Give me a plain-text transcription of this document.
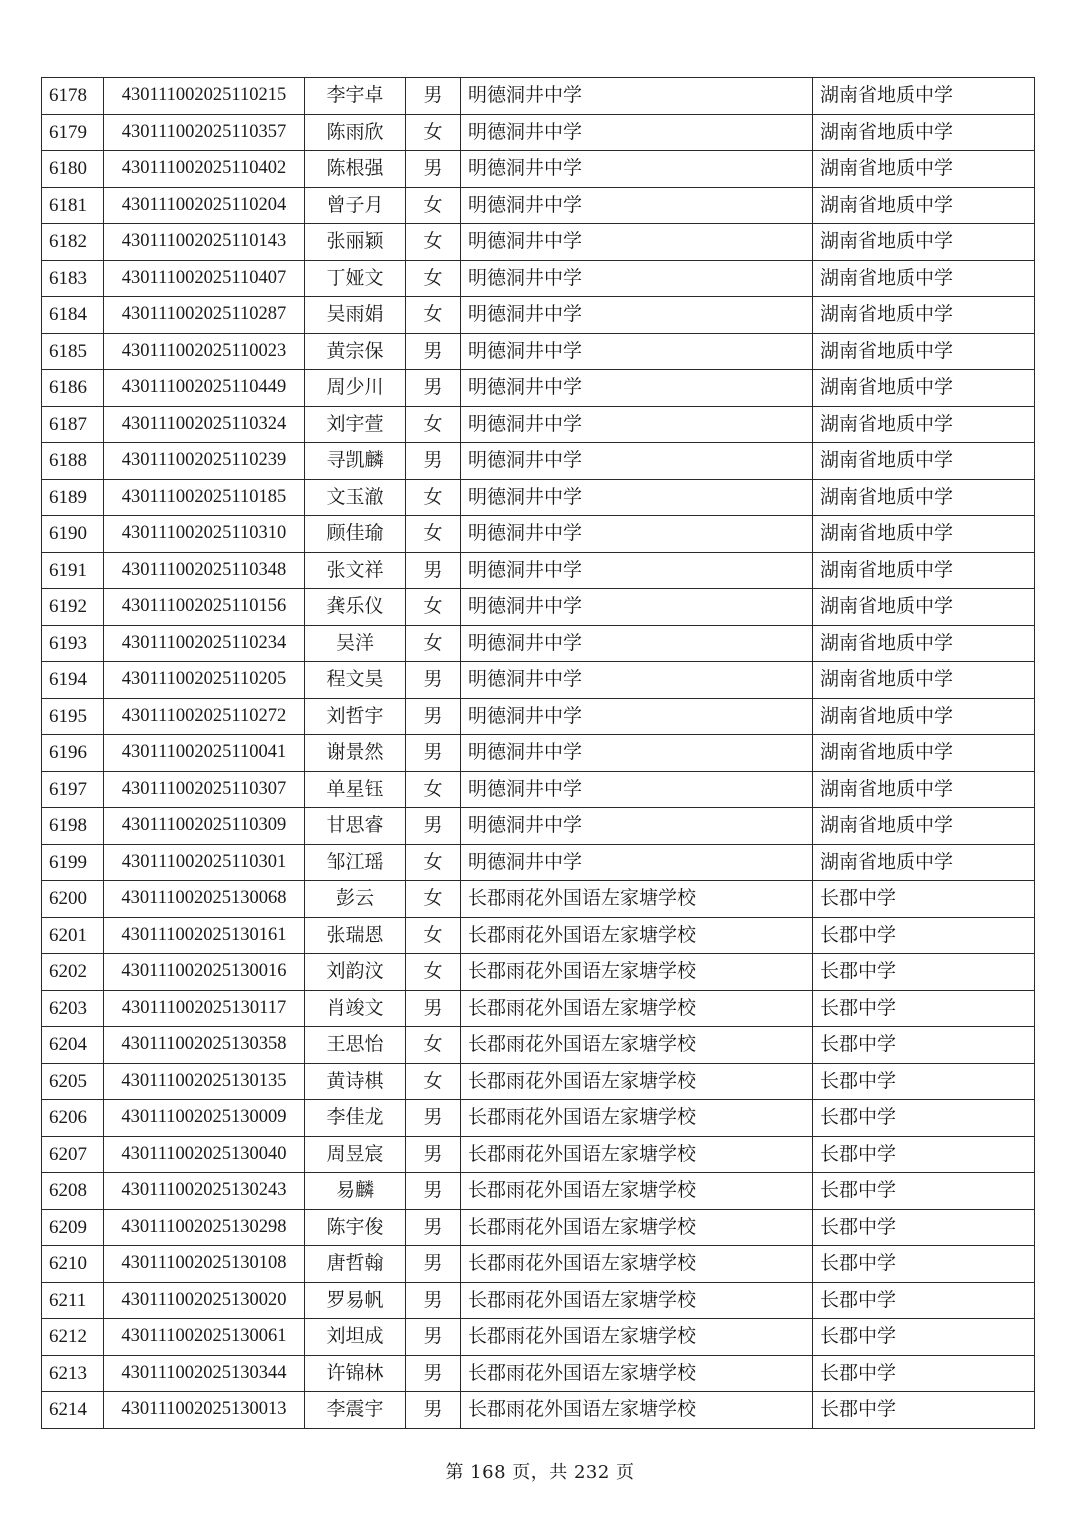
6178	430111002025110215	李宇卓	男	明德洞井中学	湖南省地质中学
6179	430111002025110357	陈雨欣	女	明德洞井中学	湖南省地质中学
6180	430111002025110402	陈根强	男	明德洞井中学	湖南省地质中学
6181	430111002025110204	曾子月	女	明德洞井中学	湖南省地质中学
6182	430111002025110143	张丽颖	女	明德洞井中学	湖南省地质中学
6183	430111002025110407	丁娅文	女	明德洞井中学	湖南省地质中学
6184	430111002025110287	吴雨娟	女	明德洞井中学	湖南省地质中学
6185	430111002025110023	黄宗保	男	明德洞井中学	湖南省地质中学
6186	430111002025110449	周少川	男	明德洞井中学	湖南省地质中学
6187	430111002025110324	刘宇萱	女	明德洞井中学	湖南省地质中学
6188	430111002025110239	寻凯麟	男	明德洞井中学	湖南省地质中学
6189	430111002025110185	文玉澈	女	明德洞井中学	湖南省地质中学
6190	430111002025110310	顾佳瑜	女	明德洞井中学	湖南省地质中学
6191	430111002025110348	张文祥	男	明德洞井中学	湖南省地质中学
6192	430111002025110156	龚乐仪	女	明德洞井中学	湖南省地质中学
6193	430111002025110234	吴洋	女	明德洞井中学	湖南省地质中学
6194	430111002025110205	程文昊	男	明德洞井中学	湖南省地质中学
6195	430111002025110272	刘哲宇	男	明德洞井中学	湖南省地质中学
6196	430111002025110041	谢景然	男	明德洞井中学	湖南省地质中学
6197	430111002025110307	单星钰	女	明德洞井中学	湖南省地质中学
6198	430111002025110309	甘思睿	男	明德洞井中学	湖南省地质中学
6199	430111002025110301	邹江瑶	女	明德洞井中学	湖南省地质中学
6200	430111002025130068	彭云	女	长郡雨花外国语左家塘学校	长郡中学
6201	430111002025130161	张瑞恩	女	长郡雨花外国语左家塘学校	长郡中学
6202	430111002025130016	刘韵汶	女	长郡雨花外国语左家塘学校	长郡中学
6203	430111002025130117	肖竣文	男	长郡雨花外国语左家塘学校	长郡中学
6204	430111002025130358	王思怡	女	长郡雨花外国语左家塘学校	长郡中学
6205	430111002025130135	黄诗棋	女	长郡雨花外国语左家塘学校	长郡中学
6206	430111002025130009	李佳龙	男	长郡雨花外国语左家塘学校	长郡中学
6207	430111002025130040	周昱宸	男	长郡雨花外国语左家塘学校	长郡中学
6208	430111002025130243	易麟	男	长郡雨花外国语左家塘学校	长郡中学
6209	430111002025130298	陈宇俊	男	长郡雨花外国语左家塘学校	长郡中学
6210	430111002025130108	唐哲翰	男	长郡雨花外国语左家塘学校	长郡中学
6211	430111002025130020	罗易帆	男	长郡雨花外国语左家塘学校	长郡中学
6212	430111002025130061	刘坦成	男	长郡雨花外国语左家塘学校	长郡中学
6213	430111002025130344	许锦林	男	长郡雨花外国语左家塘学校	长郡中学
6214	430111002025130013	李震宇	男	长郡雨花外国语左家塘学校	长郡中学
第 168 页，共 232 页
